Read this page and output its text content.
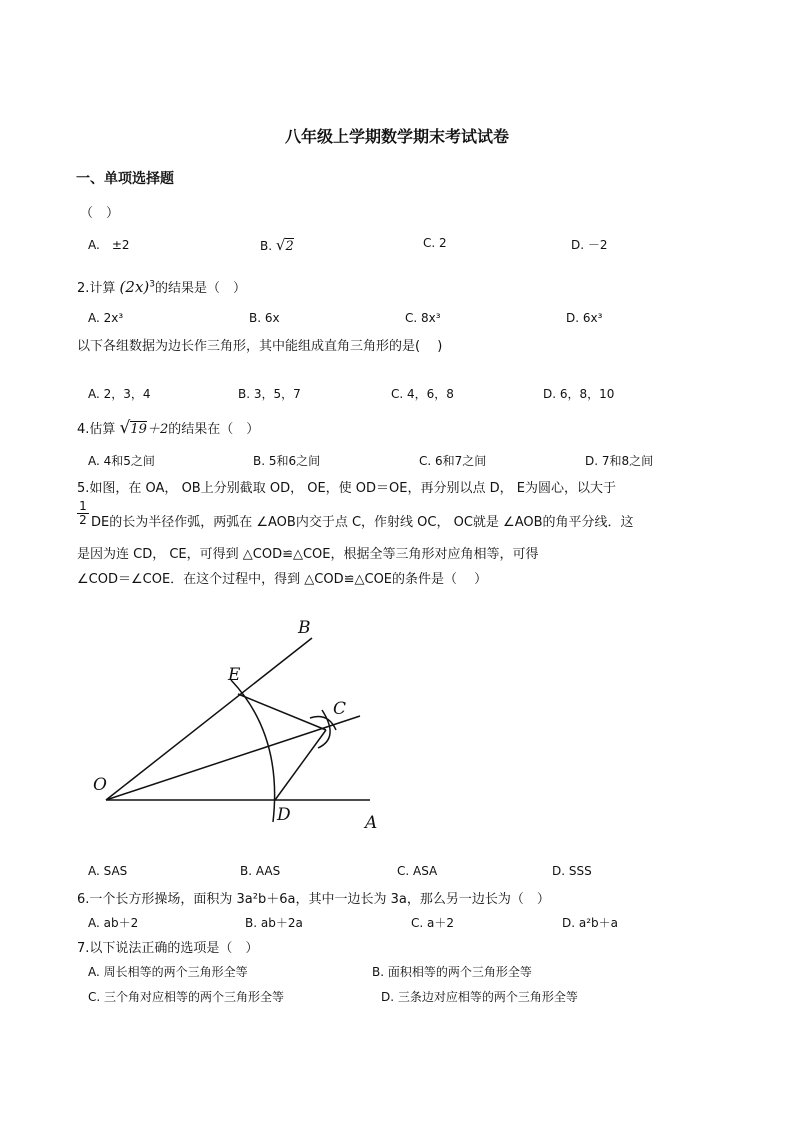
八年级上学期数学期末考试试卷
一、单项选择题
（　）
A.　±2	B. √2	C. 2	D. －2
2.计算 $(2x)^3$的结果是（　）
A. 2x³	B. 6x	C. 8x³	D. 6x³
以下各组数据为边长作三角形，其中能组成直角三角形的是(　 )
A. 2，3，4	B. 3，5，7	C. 4，6，8	D. 6，8，10
4.估算 √19＋2的结果在（　）
A. 4和5之间	B. 5和6之间	C. 6和7之间	D. 7和8之间
5.如图，在 OA， OB上分别截取 OD， OE，使 OD＝OE，再分别以点 D， E为圆心，以大于
$\frac{1}{2}$ DE的长为半径作弧，两弧在 ∠AOB内交于点 C，作射线 OC， OC就是 ∠AOB的角平分线．这
是因为连 CD， CE，可得到 △COD≌△COE，根据全等三角形对应角相等，可得
∠COD＝∠COE．在这个过程中，得到 △COD≌△COE的条件是（　 ）
B
E
C
O
D	A
A. SAS	B. AAS	C. ASA	D. SSS
6.一个长方形操场，面积为 3a²b＋6a，其中一边长为 3a，那么另一边长为（　）
A. ab＋2	B. ab＋2a	C. a＋2	D. a²b＋a
7.以下说法正确的选项是（　）
A. 周长相等的两个三角形全等	B. 面积相等的两个三角形全等
C. 三个角对应相等的两个三角形全等	D. 三条边对应相等的两个三角形全等
